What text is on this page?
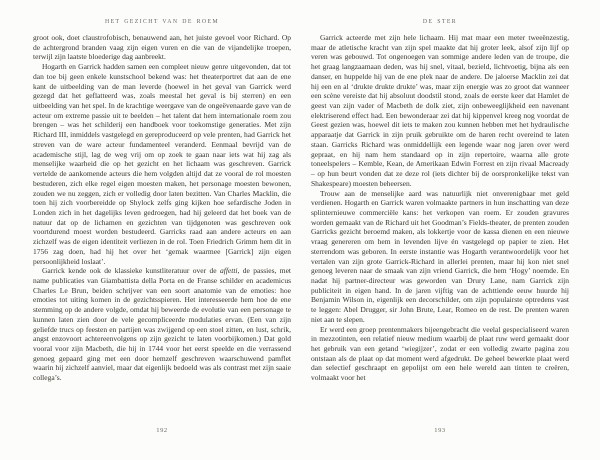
HET GEZICHT VAN DE ROEM

groot ook, doet claustrofobisch, benauwend aan, het juiste gevoel voor Richard. Op de achtergrond branden vaag zijn eigen vuren en die van de vijandelijke troepen, terwijl zijn laatste bloederige dag aanbreekt.

Hogarth en Garrick hadden samen een compleet nieuw genre uitgevonden, dat tot dan toe bij geen enkele kunstschool bekend was: het theaterportret dat aan de ene kant de uitbeelding van de man leverde (hoewel in het geval van Garrick werd gezegd dat het geflatteerd was, zoals meestal het geval is bij sterren) en een uitbeelding van het spel. In de krachtige weergave van de ongeëvenaarde gave van de acteur om extreme passie uit te beelden – het talent dat hem internationale roem zou brengen – was het schilderij een handboek voor toekomstige generaties. Met zijn Richard III, inmiddels vastgelegd en gereproduceerd op vele prenten, had Garrick het streven van de ware acteur fundamenteel veranderd. Eenmaal bevrijd van de academische stijl, lag de weg vrij om op zoek te gaan naar iets wat hij zag als menselijke waarheid die op het gezicht en het lichaam was geschreven. Garrick vertelde de aankomende acteurs die hem volgden altijd dat ze vooral de rol moesten bestuderen, zich elke regel eigen moesten maken, het personage moesten bewonen, zouden we nu zeggen, zich er volledig door laten bezitten. Van Charles Macklin, die toen hij zich voorbereidde op Shylock zelfs ging kijken hoe sefardische Joden in Londen zich in het dagelijks leven gedroegen, had hij geleerd dat het boek van de natuur dat op de lichamen en gezichten van tijdgenoten was geschreven ook voortdurend moest worden bestudeerd. Garricks raad aan andere acteurs en aan zichzelf was de eigen identiteit verliezen in de rol. Toen Friedrich Grimm hem dit in 1756 zag doen, had hij het over het ‘gemak waarmee [Garrick] zijn eigen persoonlijkheid loslaat’.

Garrick kende ook de klassieke kunstliteratuur over de affetti, de passies, met name publicaties van Giambattista della Porta en de Franse schilder en academicus Charles Le Brun, beiden schrijver van een soort anatomie van de emoties: hoe emoties tot uiting komen in de gezichtsspieren. Het interesseerde hem hoe de ene stemming op de andere volgde, omdat hij beweerde de evolutie van een personage te kunnen laten zien door de vele gecompliceerde modulaties ervan. (Een van zijn geliefde trucs op feesten en partijen was zwijgend op een stoel zitten, en lust, schrik, angst enzovoort achtereenvolgens op zijn gezicht te laten voorbijkomen.) Dat gold vooral voor zijn Macbeth, die hij in 1744 voor het eerst speelde en die verrassend genoeg gepaard ging met een door hemzelf geschreven waarschuwend pamflet waarin hij zichzelf aanviel, maar dat eigenlijk bedoeld was als contrast met zijn saaie collega’s.

192
DE STER

Garrick acteerde met zijn hele lichaam. Hij mat maar een meter tweeënzestig, maar de atletische kracht van zijn spel maakte dat hij groter leek, alsof zijn lijf op veren was gebouwd. Tot ongenoegen van sommige andere leden van de troupe, die het graag langzaamaan deden, was hij snel, vitaal, bezield, lichtvoetig, bijna als een danser, en huppelde hij van de ene plek naar de andere. De jaloerse Macklin zei dat hij een en al ‘drukte drukte drukte’ was, maar zijn energie was zo groot dat wanneer een scène vereiste dat hij absoluut doodstil stond, zoals de eerste keer dat Hamlet de geest van zijn vader of Macbeth de dolk ziet, zijn onbeweeglijkheid een navenant elektriserend effect had. Een bewonderaar zei dat hij kippenvel kreeg nog voordat de Geest gezien was, hoewel dit iets te maken zou kunnen hebben met het hydraulische apparaatje dat Garrick in zijn pruik gebruikte om de haren recht overeind te laten staan. Garricks Richard was onmiddellijk een legende waar nog jaren over werd gepraat, en hij nam hem standaard op in zijn repertoire, waarna alle grote toneelspelers – Kemble, Kean, de Amerikaan Edwin Forrest en zijn rivaal Macready – op hun beurt vonden dat ze deze rol (iets dichter bij de oorspronkelijke tekst van Shakespeare) moesten beheersen.

Trouw aan de menselijke aard was natuurlijk niet onverenigbaar met geld verdienen. Hogarth en Garrick waren volmaakte partners in hun inschatting van deze splinternieuwe commerciële kans: het verkopen van roem. Er zouden gravures worden gemaakt van de Richard uit het Goodman’s Fields-theater, de prenten zouden Garricks gezicht beroemd maken, als lokkertje voor de kassa dienen en een nieuwe vraag genereren om hem in levenden lijve én vastgelegd op papier te zien. Het sterrendom was geboren. In eerste instantie was Hogarth verantwoordelijk voor het vertalen van zijn grote Garrick-Richard in allerlei prenten, maar hij kon niet snel genoeg leveren naar de smaak van zijn vriend Garrick, die hem ‘Hogy’ noemde. En nadat hij partner-directeur was geworden van Drury Lane, nam Garrick zijn publiciteit in eigen hand. In de jaren vijftig van de achttiende eeuw huurde hij Benjamin Wilson in, eigenlijk een decorschilder, om zijn populairste optredens vast te leggen: Abel Drugger, sir John Brute, Lear, Romeo en de rest. De prenten waren niet aan te slepen.

Er werd een groep prentenmakers bijeengebracht die veelal gespecialiseerd waren in mezzotinten, een relatief nieuw medium waarbij de plaat ruw werd gemaakt door het gebruik van een getand ‘wiegijzer’, zodat er een volledig zwarte pagina zou ontstaan als de plaat op dat moment werd afgedrukt. De geheel bewerkte plaat werd dan selectief geschraapt en gepolijst om een hele wereld aan tinten te creëren, volmaakt voor het

193
